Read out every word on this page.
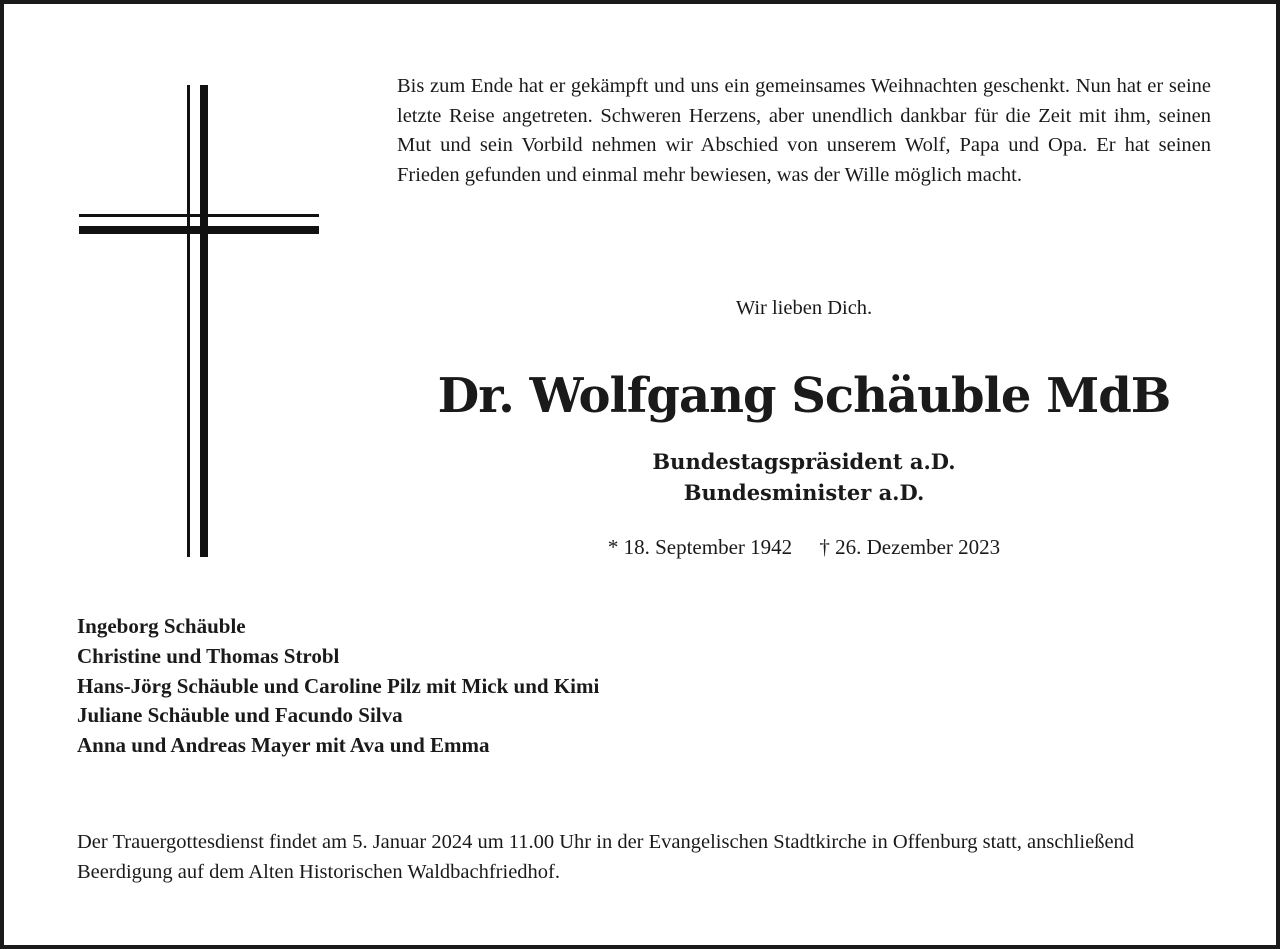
Bis zum Ende hat er gekämpft und uns ein gemeinsames Weihnachten geschenkt. Nun hat er seine letzte Reise angetreten. Schweren Herzens, aber unendlich dankbar für die Zeit mit ihm, seinen Mut und sein Vorbild nehmen wir Abschied von unserem Wolf, Papa und Opa. Er hat seinen Frieden gefunden und einmal mehr bewiesen, was der Wille möglich macht.

Wir lieben Dich.

Dr. Wolfgang Schäuble MdB
Bundestagspräsident a.D.
Bundesminister a.D.

* 18. September 1942 † 26. Dezember 2023

Ingeborg Schäuble
Christine und Thomas Strobl
Hans-Jörg Schäuble und Caroline Pilz mit Mick und Kimi
Juliane Schäuble und Facundo Silva
Anna und Andreas Mayer mit Ava und Emma

Der Trauergottesdienst findet am 5. Januar 2024 um 11.00 Uhr in der Evangelischen Stadtkirche in Offenburg statt, anschließend Beerdigung auf dem Alten Historischen Waldbachfriedhof.
